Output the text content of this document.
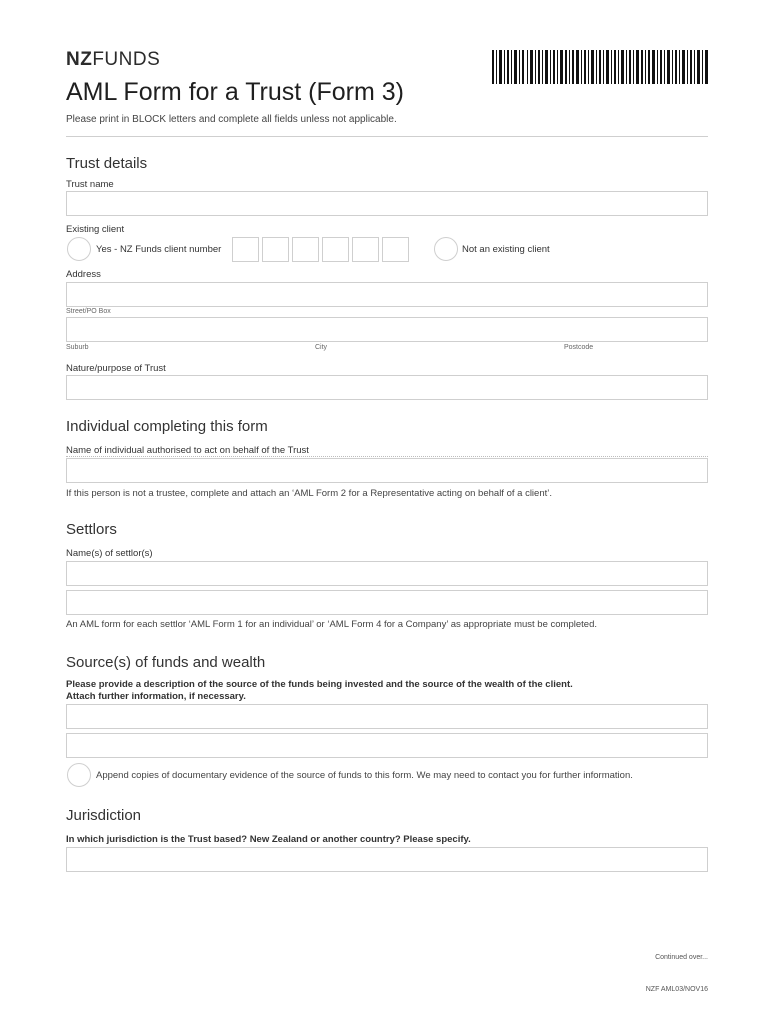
NZFUNDS
AML Form for a Trust (Form 3)
Please print in BLOCK letters and complete all fields unless not applicable.
Trust details
Trust name
Existing client
Yes - NZ Funds client number	Not an existing client
Address
Street/PO Box
Suburb	City	Postcode
Nature/purpose of Trust
Individual completing this form
Name of individual authorised to act on behalf of the Trust
If this person is not a trustee, complete and attach an ‘AML Form 2 for a Representative acting on behalf of a client’.
Settlors
Name(s) of settlor(s)
An AML form for each settlor ‘AML Form 1 for an individual’ or ‘AML Form 4 for a Company’ as appropriate must be completed.
Source(s) of funds and wealth
Please provide a description of the source of the funds being invested and the source of the wealth of the client.
Attach further information, if necessary.
Append copies of documentary evidence of the source of funds to this form. We may need to contact you for further information.
Jurisdiction
In which jurisdiction is the Trust based? New Zealand or another country? Please specify.
Continued over...
NZF AML03/NOV16
